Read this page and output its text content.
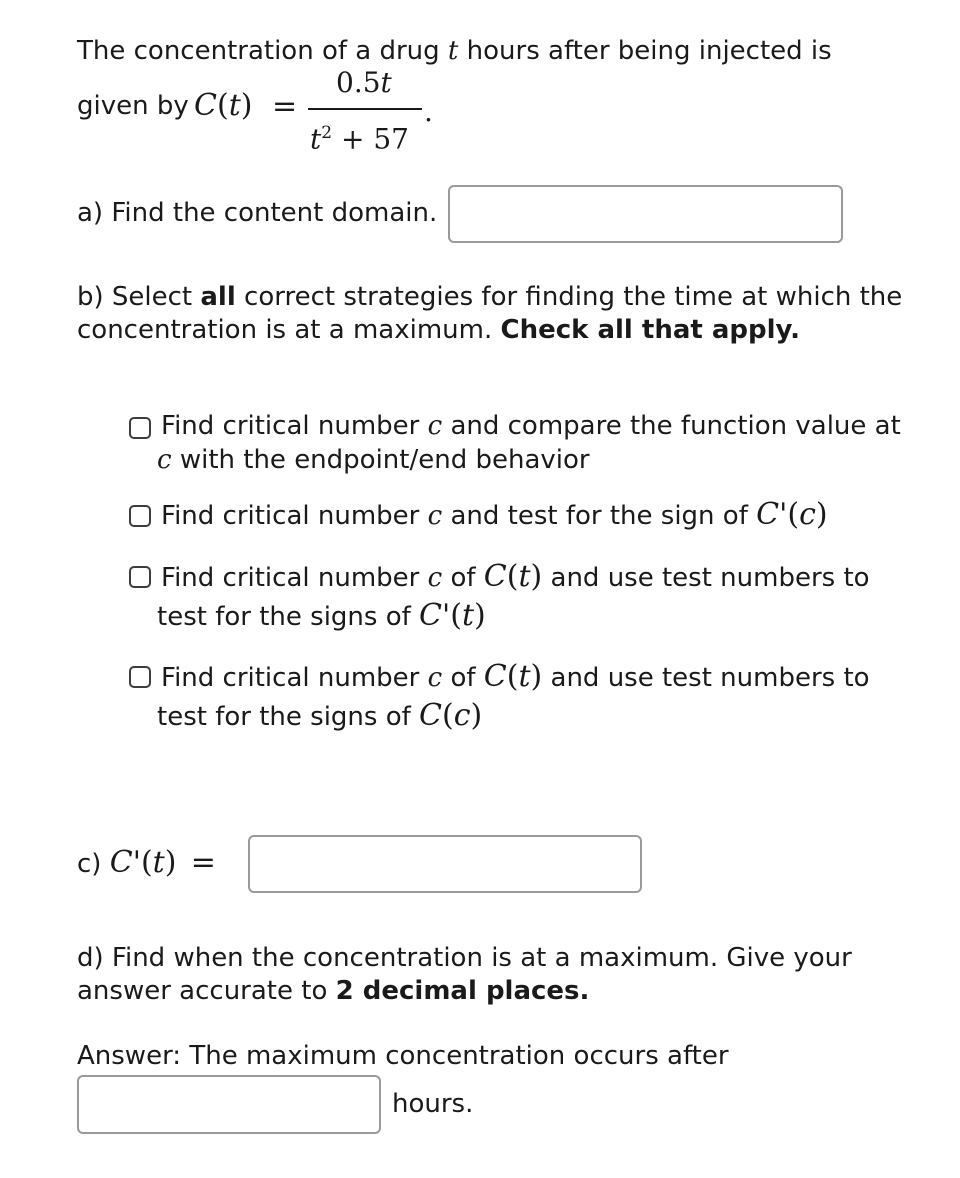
The concentration of a drug t hours after being injected is
given by C(t) =
0.5t
$t^2 + 57$
.
a) Find the content domain.
b) Select all correct strategies for finding the time at which the
concentration is at a maximum. Check all that apply.
Find critical number c and compare the function value at
c with the endpoint/end behavior
Find critical number c and test for the sign of C'(c)
Find critical number c of C(t) and use test numbers to
test for the signs of C'(t)
Find critical number c of C(t) and use test numbers to
test for the signs of C(c)
c) C'(t) =
d) Find when the concentration is at a maximum. Give your
answer accurate to 2 decimal places.
Answer: The maximum concentration occurs after
hours.
